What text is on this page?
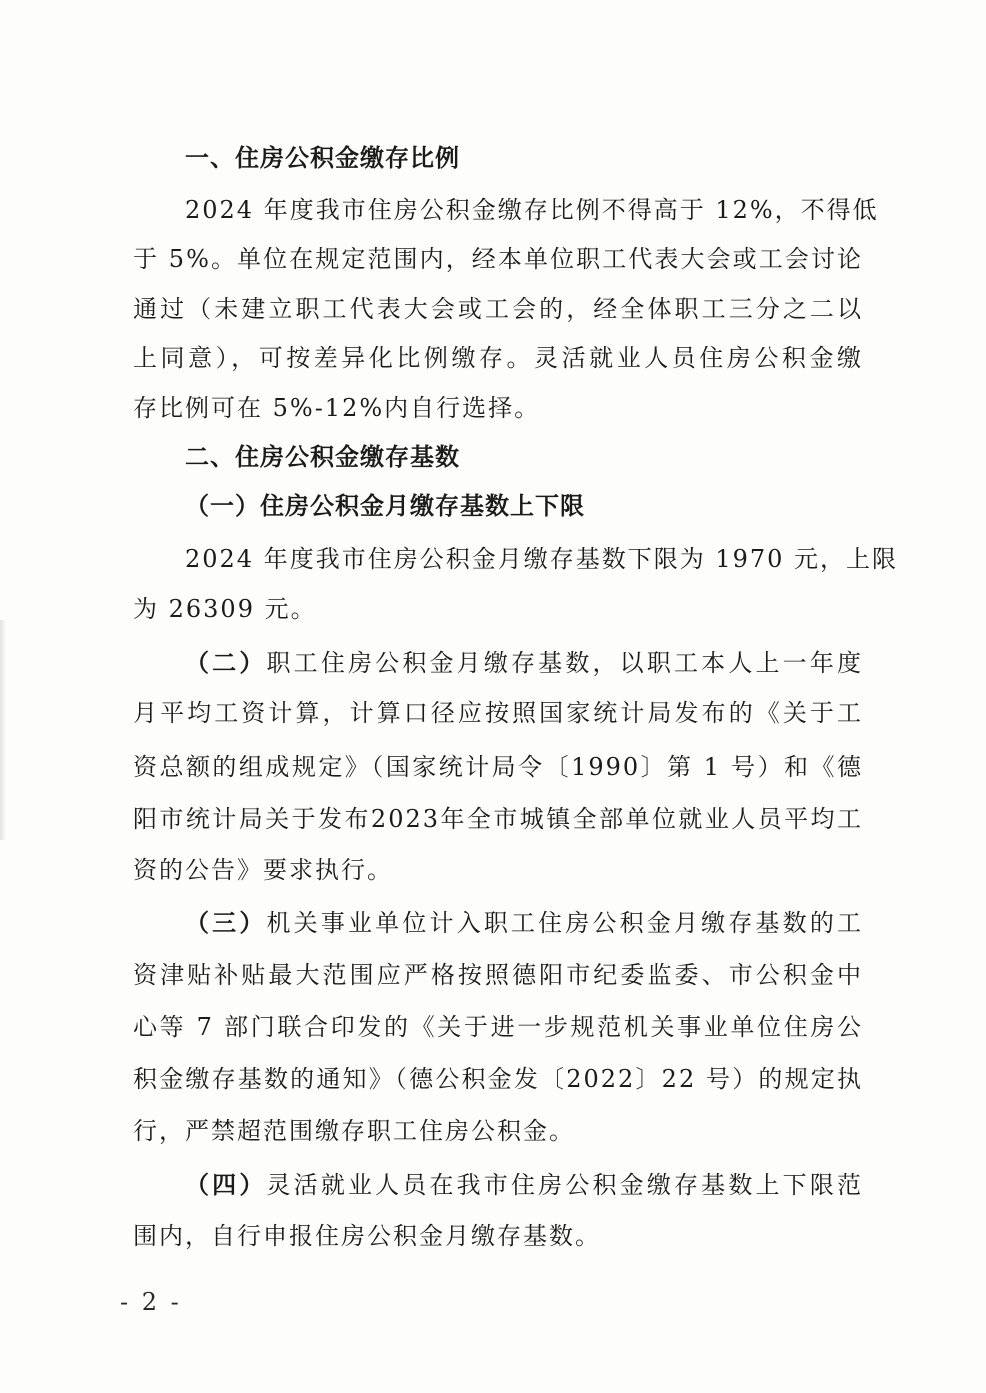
一、住房公积金缴存比例
2024 年度我市住房公积金缴存比例不得高于 12%，不得低
于 5%。单位在规定范围内，经本单位职工代表大会或工会讨论
通过（未建立职工代表大会或工会的，经全体职工三分之二以
上同意），可按差异化比例缴存。灵活就业人员住房公积金缴
存比例可在 5%-12%内自行选择。
二、住房公积金缴存基数
（一）住房公积金月缴存基数上下限
2024 年度我市住房公积金月缴存基数下限为 1970 元，上限
为 26309 元。
（二）职工住房公积金月缴存基数，以职工本人上一年度
月平均工资计算，计算口径应按照国家统计局发布的《关于工
资总额的组成规定》（国家统计局令〔1990〕第 1 号）和《德
阳市统计局关于发布2023年全市城镇全部单位就业人员平均工
资的公告》要求执行。
（三）机关事业单位计入职工住房公积金月缴存基数的工
资津贴补贴最大范围应严格按照德阳市纪委监委、市公积金中
心等 7 部门联合印发的《关于进一步规范机关事业单位住房公
积金缴存基数的通知》（德公积金发〔2022〕22 号）的规定执
行，严禁超范围缴存职工住房公积金。
（四）灵活就业人员在我市住房公积金缴存基数上下限范
围内，自行申报住房公积金月缴存基数。
- 2 -
